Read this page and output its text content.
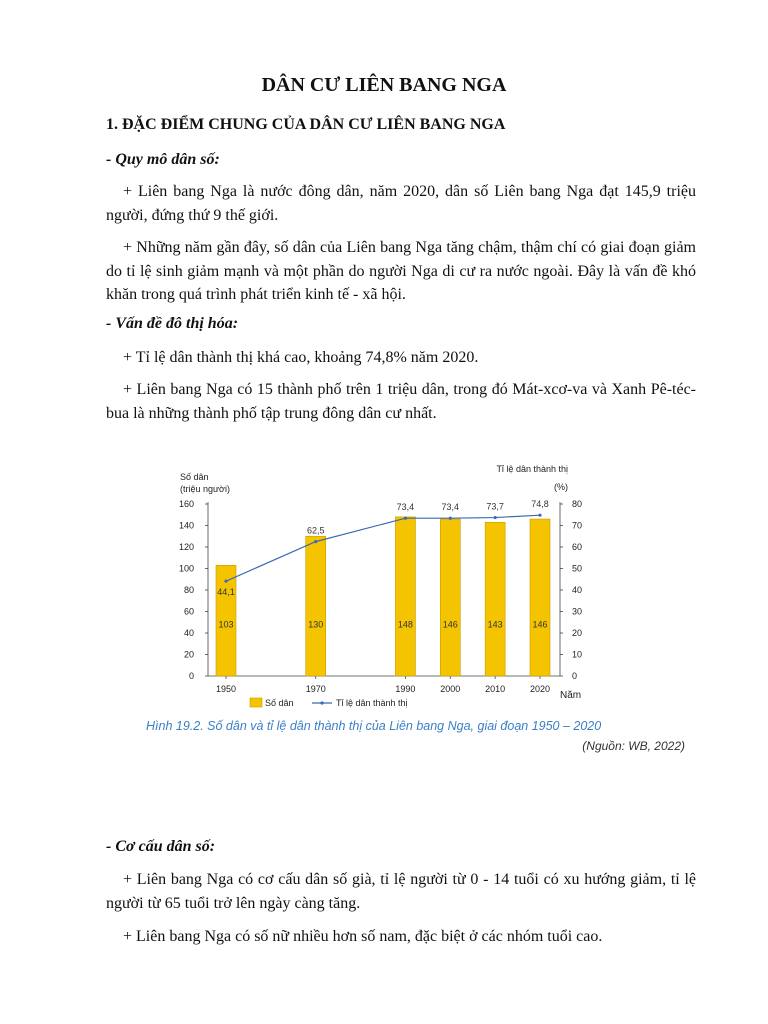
DÂN CƯ LIÊN BANG NGA
1. ĐẶC ĐIỂM CHUNG CỦA DÂN CƯ LIÊN BANG NGA
- Quy mô dân số:

+ Liên bang Nga là nước đông dân, năm 2020, dân số Liên bang Nga đạt 145,9 triệu người, đứng thứ 9 thế giới.

+ Những năm gần đây, số dân của Liên bang Nga tăng chậm, thậm chí có giai đoạn giảm do tỉ lệ sinh giảm mạnh và một phần do người Nga di cư ra nước ngoài. Đây là vấn đề khó khăn trong quá trình phát triển kinh tế - xã hội.

- Vấn đề đô thị hóa:

+ Tỉ lệ dân thành thị khá cao, khoảng 74,8% năm 2020.

+ Liên bang Nga có 15 thành phố trên 1 triệu dân, trong đó Mát-xcơ-va và Xanh Pê-téc-bua là những thành phố tập trung đông dân cư nhất.

0
20
40
60
80
100
120
140
160
0
10
20
30
40
50
60
70
80
Số dân
(triệu người)
Tỉ lệ dân thành thị
(%)
Năm
103
1950
130
1970
148
1990
146
2000
143
2010
146
2020
44,1
62,5
73,4	73,4	73,7	74,8
Số dân	Tỉ lệ dân thành thị
Hình 19.2. Số dân và tỉ lệ dân thành thị của Liên bang Nga, giai đoạn 1950 – 2020
(Nguồn: WB, 2022)
- Cơ cấu dân số:

+ Liên bang Nga có cơ cấu dân số già, tỉ lệ người từ 0 - 14 tuổi có xu hướng giảm, tỉ lệ người từ 65 tuổi trở lên ngày càng tăng.

+ Liên bang Nga có số nữ nhiều hơn số nam, đặc biệt ở các nhóm tuổi cao.
